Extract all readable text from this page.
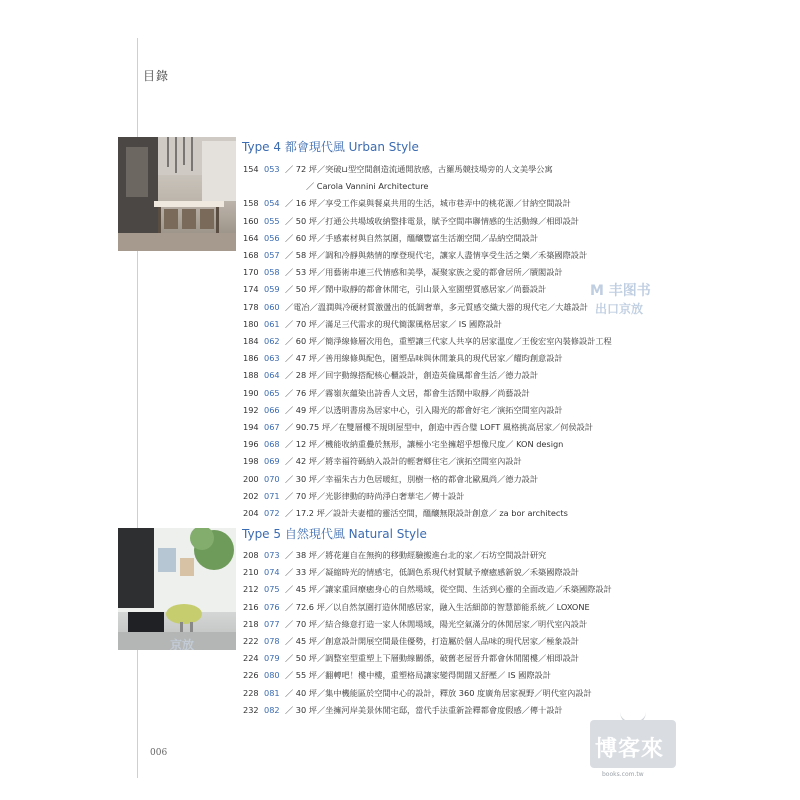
目錄
京放
Type 4 都會現代風 Urban Style
154 053 ／ 72 坪／突破⊔型空間創造流通開放感，古羅馬競技場旁的人文美學公寓
／ Carola Vannini Architecture
158 054 ／ 16 坪／享受工作桌與餐桌共用的生活，城市巷弄中的桃花源／甘納空間設計
160 055 ／ 50 坪／打通公共場域收納整排電景，賦予空間串聯情感的生活動線／相即設計
164 056 ／ 60 坪／手感素材與自然氛圍，醞釀豐富生活潮空間／品納空間設計
168 057 ／ 58 坪／調和冷靜與熱情的摩登現代宅，讓家人盡情享受生活之樂／禾築國際設計
170 058 ／ 53 坪／用藝術串連三代情感和美學，凝聚家族之愛的都會居所／牘閣設計
174 059 ／ 50 坪／鬧中取靜的都會休閒宅，引山景入室園塑質感居家／尚藝設計
178 060 ／電冶／溫潤與冷硬材質激盪出的低調奢華，多元質感交織大器的現代宅／大雄設計
180 061 ／ 70 坪／滿足三代需求的現代簡潔風格居家／ IS 國際設計
184 062 ／ 60 坪／簡淨線條層次用色，重塑讓三代家人共享的居家溫度／王俊宏室內裝修設計工程
186 063 ／ 47 坪／善用線條與配色，圍塑品味與休閒兼具的現代居家／耀昀創意設計
188 064 ／ 28 坪／回字動線搭配核心櫃設計，創造英倫風都會生活／德力設計
190 065 ／ 76 坪／霧嶺灰蘊染出詩香人文居，都會生活鬧中取靜／尚藝設計
192 066 ／ 49 坪／以透明書房為居家中心，引入陽光的都會好宅／演拓空間室內設計
194 067 ／ 90.75 坪／在雙層樓不規則屋型中，創造中西合璧 LOFT 風格挑高居家／何侯設計
196 068 ／ 12 坪／機能收納重疊於無形，讓極小宅坐擁超乎想像尺度／ KON design
198 069 ／ 42 坪／將幸福符碼納入設計的輕奢鄉住宅／演拓空間室內設計
200 070 ／ 30 坪／幸福朱古力色居暖紅，別樹一格的都會北歐風尚／德力設計
202 071 ／ 70 坪／光影律動的時尚淨白奢華宅／傳十設計
204 072 ／ 17.2 坪／設計夫妻檔的靈活空間，醞釀無限設計創意／ za bor architects
Type 5 自然現代風 Natural Style
208 073 ／ 38 坪／將花蓮自在無拘的移動經驗搬進台北的家／石坊空間設計研究
210 074 ／ 33 坪／凝縮時光的情感宅，低調色系現代材質賦予療癒感新貌／禾築國際設計
212 075 ／ 45 坪／讓家重回療癒身心的自然場域，從空間、生活到心靈的全面改造／禾築國際設計
216 076 ／ 72.6 坪／以自然氛圍打造休閒感居家，融入生活細節的智慧節能系統／ LOXONE
218 077 ／ 70 坪／結合綠意打造一家人休閒場域，陽光空氣滿分的休閒居家／明代室內設計
222 078 ／ 45 坪／創意設計開展空間最佳優勢，打造屬於個人品味的現代居家／極象設計
224 079 ／ 50 坪／調整室型重塑上下層動線關係，破舊老屋晉升都會休閒閣樓／相即設計
226 080 ／ 55 坪／翻轉吧！樓中樓，重塑格局讓家變得開闊又舒壓／ IS 國際設計
228 081 ／ 40 坪／集中機能區於空間中心的設計，釋放 360 度廣角居家視野／明代室內設計
232 082 ／ 30 坪／坐擁河岸美景休閒宅邸，當代手法重新詮釋都會度假感／傳十設計
M 丰图书
出口京放
006	博客來
books.com.tw
